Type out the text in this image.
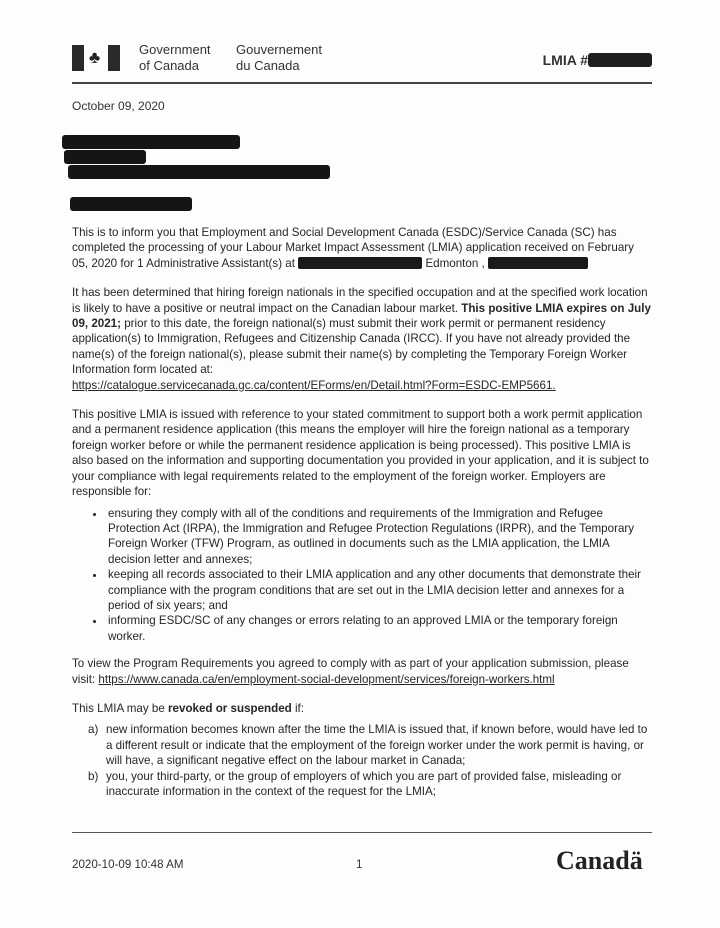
♣	Government
of Canada
Gouvernement
du Canada	LMIA #
October 09, 2020

This is to inform you that Employment and Social Development Canada (ESDC)/Service Canada (SC) has completed the processing of your Labour Market Impact Assessment (LMIA) application received on February 05, 2020 for 1 Administrative Assistant(s) at	Edmonton ,

It has been determined that hiring foreign nationals in the specified occupation and at the specified work location is likely to have a positive or neutral impact on the Canadian labour market. This positive LMIA expires on July 09, 2021; prior to this date, the foreign national(s) must submit their work permit or permanent residency application(s) to Immigration, Refugees and Citizenship Canada (IRCC). If you have not already provided the name(s) of the foreign national(s), please submit their name(s) by completing the Temporary Foreign Worker Information form located at:
https://catalogue.servicecanada.gc.ca/content/EForms/en/Detail.html?Form=ESDC-EMP5661.

This positive LMIA is issued with reference to your stated commitment to support both a work permit application and a permanent residence application (this means the employer will hire the foreign national as a temporary foreign worker before or while the permanent residence application is being processed). This positive LMIA is also based on the information and supporting documentation you provided in your application, and it is subject to your compliance with legal requirements related to the employment of the foreign worker. Employers are responsible for:

• ensuring they comply with all of the conditions and requirements of the Immigration and Refugee Protection Act (IRPA), the Immigration and Refugee Protection Regulations (IRPR), and the Temporary Foreign Worker (TFW) Program, as outlined in documents such as the LMIA application, the LMIA decision letter and annexes;
• keeping all records associated to their LMIA application and any other documents that demonstrate their compliance with the program conditions that are set out in the LMIA decision letter and annexes for a period of six years; and
• informing ESDC/SC of any changes or errors relating to an approved LMIA or the temporary foreign worker.

To view the Program Requirements you agreed to comply with as part of your application submission, please visit: https://www.canada.ca/en/employment-social-development/services/foreign-workers.html

This LMIA may be revoked or suspended if:

a) new information becomes known after the time the LMIA is issued that, if known before, would have led to a different result or indicate that the employment of the foreign worker under the work permit is having, or will have, a significant negative effect on the labour market in Canada;
b) you, your third-party, or the group of employers of which you are part of provided false, misleading or inaccurate information in the context of the request for the LMIA;
2020-10-09 10:48 AM	1	Canadä
